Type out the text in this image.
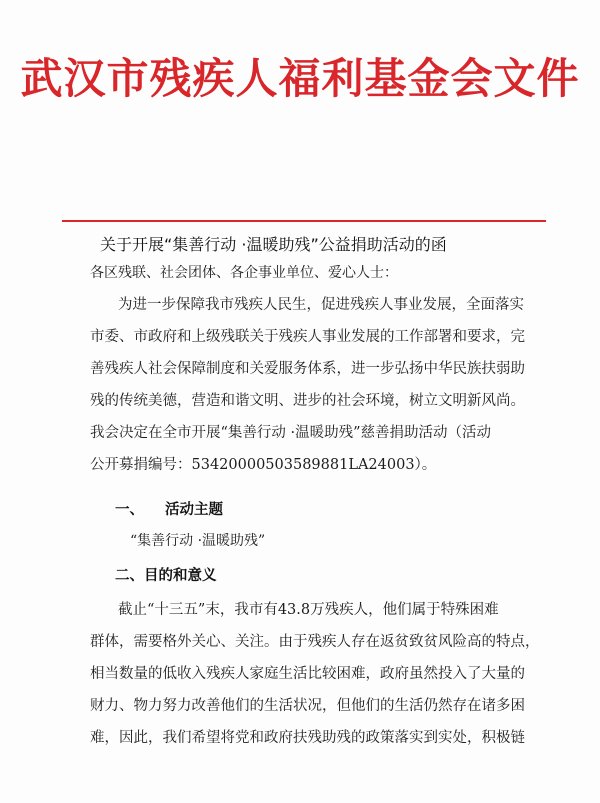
武汉市残疾人福利基金会文件
关于开展“集善行动 ·温暖助残”公益捐助活动的函
各区残联、社会团体、各企事业单位、爱心人士：
为进一步保障我市残疾人民生，促进残疾人事业发展，全面落实
市委、市政府和上级残联关于残疾人事业发展的工作部署和要求，完
善残疾人社会保障制度和关爱服务体系，进一步弘扬中华民族扶弱助
残的传统美德，营造和谐文明、进步的社会环境，树立文明新风尚。
我会决定在全市开展“集善行动 ·温暖助残”慈善捐助活动（活动
公开募捐编号：53420000503589881LA24003）。
一、 活动主题
“集善行动 ·温暖助残”
二、目的和意义
截止“十三五”末，我市有43.8万残疾人，他们属于特殊困难
群体，需要格外关心、关注。由于残疾人存在返贫致贫风险高的特点，
相当数量的低收入残疾人家庭生活比较困难，政府虽然投入了大量的
财力、物力努力改善他们的生活状况，但他们的生活仍然存在诸多困
难，因此，我们希望将党和政府扶残助残的政策落实到实处，积极链
